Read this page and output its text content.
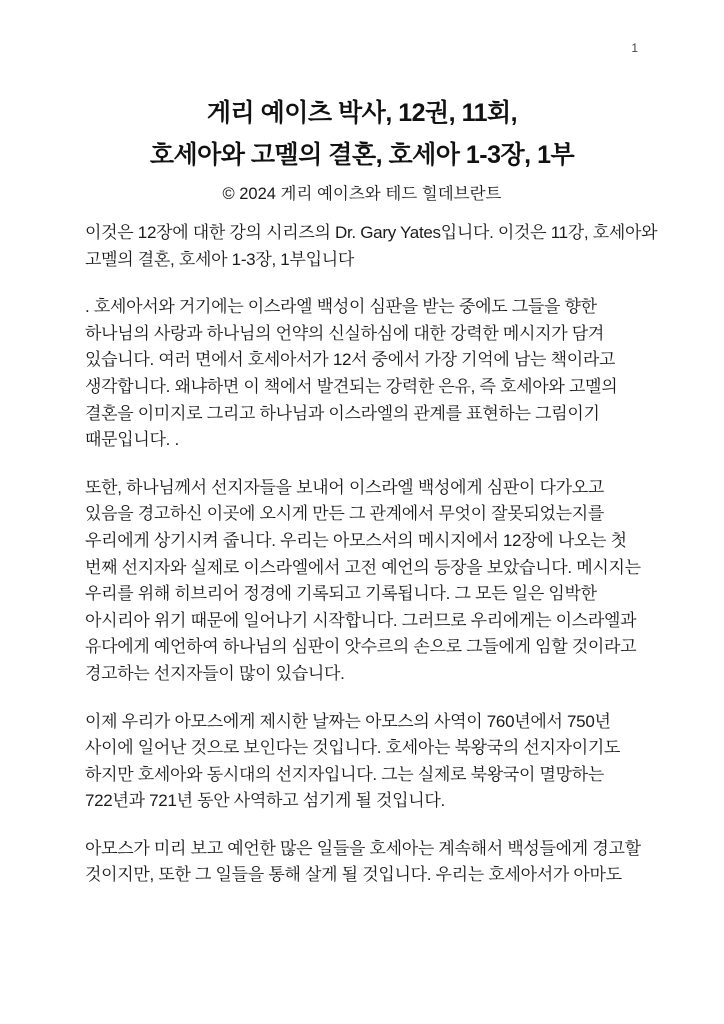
1
게리 예이츠 박사, 12권, 11회,
호세아와 고멜의 결혼, 호세아 1-3장, 1부
© 2024 게리 예이츠와 테드 힐데브란트

이것은 12장에 대한 강의 시리즈의 Dr. Gary Yates입니다. 이것은 11강, 호세아와
고멜의 결혼, 호세아 1-3장, 1부입니다

. 호세아서와 거기에는 이스라엘 백성이 심판을 받는 중에도 그들을 향한
하나님의 사랑과 하나님의 언약의 신실하심에 대한 강력한 메시지가 담겨
있습니다. 여러 면에서 호세아서가 12서 중에서 가장 기억에 남는 책이라고
생각합니다. 왜냐하면 이 책에서 발견되는 강력한 은유, 즉 호세아와 고멜의
결혼을 이미지로 그리고 하나님과 이스라엘의 관계를 표현하는 그림이기
때문입니다. .

또한, 하나님께서 선지자들을 보내어 이스라엘 백성에게 심판이 다가오고
있음을 경고하신 이곳에 오시게 만든 그 관계에서 무엇이 잘못되었는지를
우리에게 상기시켜 줍니다. 우리는 아모스서의 메시지에서 12장에 나오는 첫
번째 선지자와 실제로 이스라엘에서 고전 예언의 등장을 보았습니다. 메시지는
우리를 위해 히브리어 정경에 기록되고 기록됩니다. 그 모든 일은 임박한
아시리아 위기 때문에 일어나기 시작합니다. 그러므로 우리에게는 이스라엘과
유다에게 예언하여 하나님의 심판이 앗수르의 손으로 그들에게 임할 것이라고
경고하는 선지자들이 많이 있습니다.

이제 우리가 아모스에게 제시한 날짜는 아모스의 사역이 760년에서 750년
사이에 일어난 것으로 보인다는 것입니다. 호세아는 북왕국의 선지자이기도
하지만 호세아와 동시대의 선지자입니다. 그는 실제로 북왕국이 멸망하는
722년과 721년 동안 사역하고 섬기게 될 것입니다.

아모스가 미리 보고 예언한 많은 일들을 호세아는 계속해서 백성들에게 경고할
것이지만, 또한 그 일들을 통해 살게 될 것입니다. 우리는 호세아서가 아마도
